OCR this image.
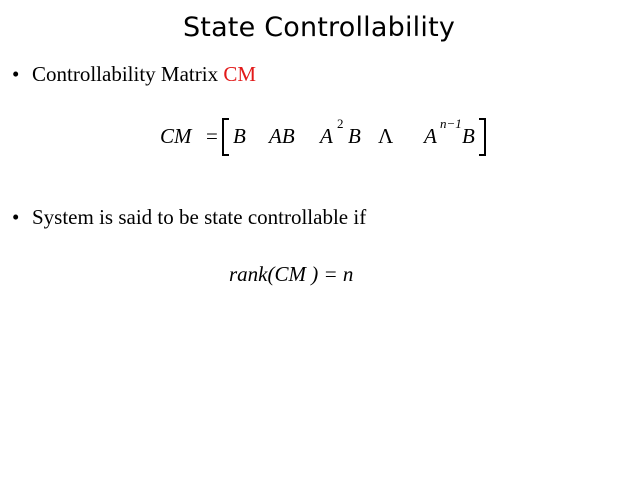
State Controllability
• Controllability Matrix CM
CM = B AB A
2
B Λ A
n−1
B
• System is said to be state controllable if
rank(CM ) = n
